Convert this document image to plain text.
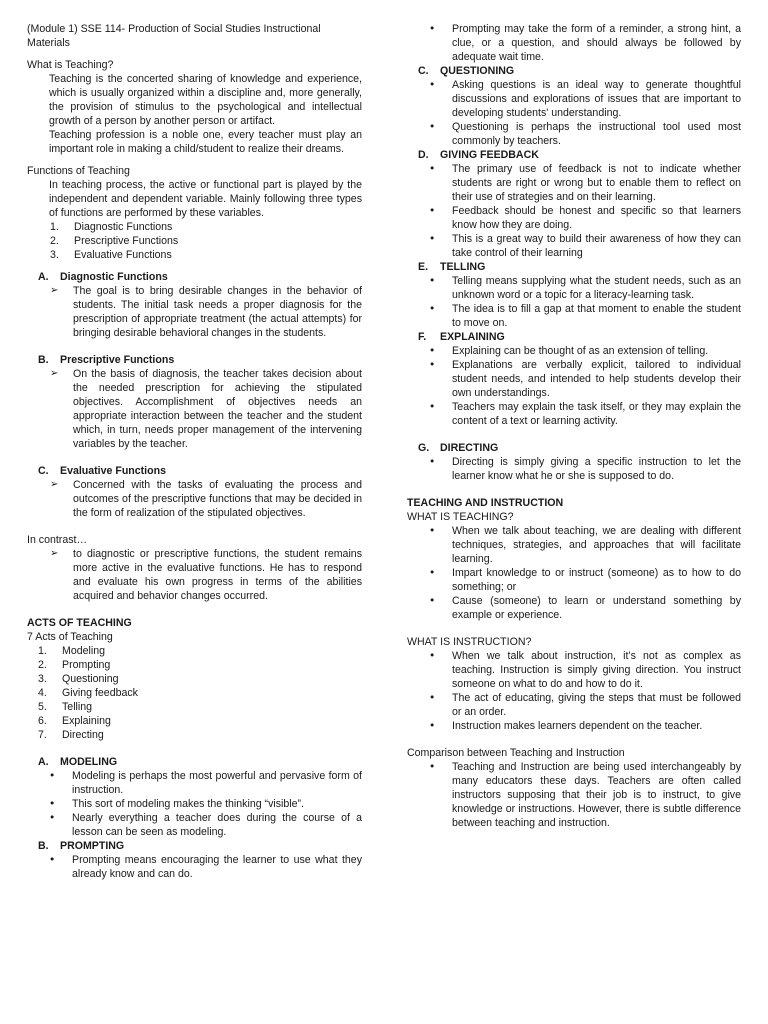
(Module 1) SSE 114- Production of Social Studies Instructional Materials

What is Teaching?

Teaching is the concerted sharing of knowledge and experience, which is usually organized within a discipline and, more generally, the provision of stimulus to the psychological and intellectual growth of a person by another person or artifact.
Teaching profession is a noble one, every teacher must play an important role in making a child/student to realize their dreams.

Functions of Teaching

In teaching process, the active or functional part is played by the independent and dependent variable. Mainly following three types of functions are performed by these variables.
1.	Diagnostic Functions
2.	Prescriptive Functions
3.	Evaluative Functions
A.	Diagnostic Functions
➢	The goal is to bring desirable changes in the behavior of students. The initial task needs a proper diagnosis for the prescription of appropriate treatment (the actual attempts) for bringing desirable behavioral changes in the students.
B.	Prescriptive Functions
➢	On the basis of diagnosis, the teacher takes decision about the needed prescription for achieving the stipulated objectives. Accomplishment of objectives needs an appropriate interaction between the teacher and the student which, in turn, needs proper management of the intervening variables by the teacher.
C.	Evaluative Functions
➢	Concerned with the tasks of evaluating the process and outcomes of the prescriptive functions that may be decided in the form of realization of the stipulated objectives.

In contrast…

➢	to diagnostic or prescriptive functions, the student remains more active in the evaluative functions. He has to respond and evaluate his own progress in terms of the abilities acquired and behavior changes occurred.

ACTS OF TEACHING

7 Acts of Teaching

1.	Modeling
2.	Prompting
3.	Questioning
4.	Giving feedback
5.	Telling
6.	Explaining
7.	Directing
A.	MODELING
•	Modeling is perhaps the most powerful and pervasive form of instruction.
•	This sort of modeling makes the thinking “visible”.
•	Nearly everything a teacher does during the course of a lesson can be seen as modeling.
B.	PROMPTING
•	Prompting means encouraging the learner to use what they already know and can do.
•	Prompting may take the form of a reminder, a strong hint, a clue, or a question, and should always be followed by adequate wait time.
C.	QUESTIONING
•	Asking questions is an ideal way to generate thoughtful discussions and explorations of issues that are important to developing students' understanding.
•	Questioning is perhaps the instructional tool used most commonly by teachers.
D.	GIVING FEEDBACK
•	The primary use of feedback is not to indicate whether students are right or wrong but to enable them to reflect on their use of strategies and on their learning.
•	Feedback should be honest and specific so that learners know how they are doing.
•	This is a great way to build their awareness of how they can take control of their learning
E.	TELLING
•	Telling means supplying what the student needs, such as an unknown word or a topic for a literacy-learning task.
•	The idea is to fill a gap at that moment to enable the student to move on.
F.	EXPLAINING
•	Explaining can be thought of as an extension of telling.
•	Explanations are verbally explicit, tailored to individual student needs, and intended to help students develop their own understandings.
•	Teachers may explain the task itself, or they may explain the content of a text or learning activity.
G.	DIRECTING
•	Directing is simply giving a specific instruction to let the learner know what he or she is supposed to do.

TEACHING AND INSTRUCTION

WHAT IS TEACHING?

•	When we talk about teaching, we are dealing with different techniques, strategies, and approaches that will facilitate learning.
•	Impart knowledge to or instruct (someone) as to how to do something; or
•	Cause (someone) to learn or understand something by example or experience.

WHAT IS INSTRUCTION?

•	When we talk about instruction, it’s not as complex as teaching. Instruction is simply giving direction. You instruct someone on what to do and how to do it.
•	The act of educating, giving the steps that must be followed or an order.
•	Instruction makes learners dependent on the teacher.

Comparison between Teaching and Instruction

•	Teaching and Instruction are being used interchangeably by many educators these days. Teachers are often called instructors supposing that their job is to instruct, to give knowledge or instructions. However, there is subtle difference between teaching and instruction.
